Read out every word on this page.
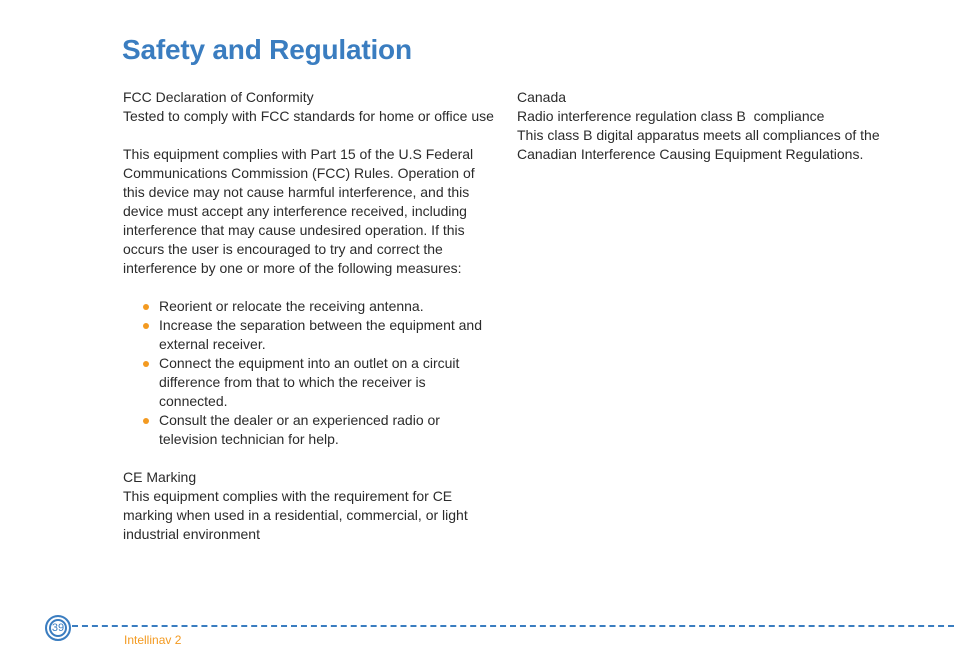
Safety and Regulation

FCC Declaration of Conformity

Tested to comply with FCC standards for home or office use

This equipment complies with Part 15 of the U.S Federal Communications Commission (FCC) Rules. Operation of this device may not cause harmful interference, and this device must accept any interference received, including interference that may cause undesired operation. If this occurs the user is encouraged to try and correct the interference by one or more of the following measures:

Reorient or relocate the receiving antenna.
Increase the separation between the equipment and external receiver.
Connect the equipment into an outlet on a circuit difference from that to which the receiver is connected.
Consult the dealer or an experienced radio or television technician for help.

CE Marking

This equipment complies with the requirement for CE marking when used in a residential, commercial, or light industrial environment

Canada

Radio interference regulation class B  compliance

This class B digital apparatus meets all compliances of the Canadian Interference Causing Equipment Regulations.

39
Intellinav 2
